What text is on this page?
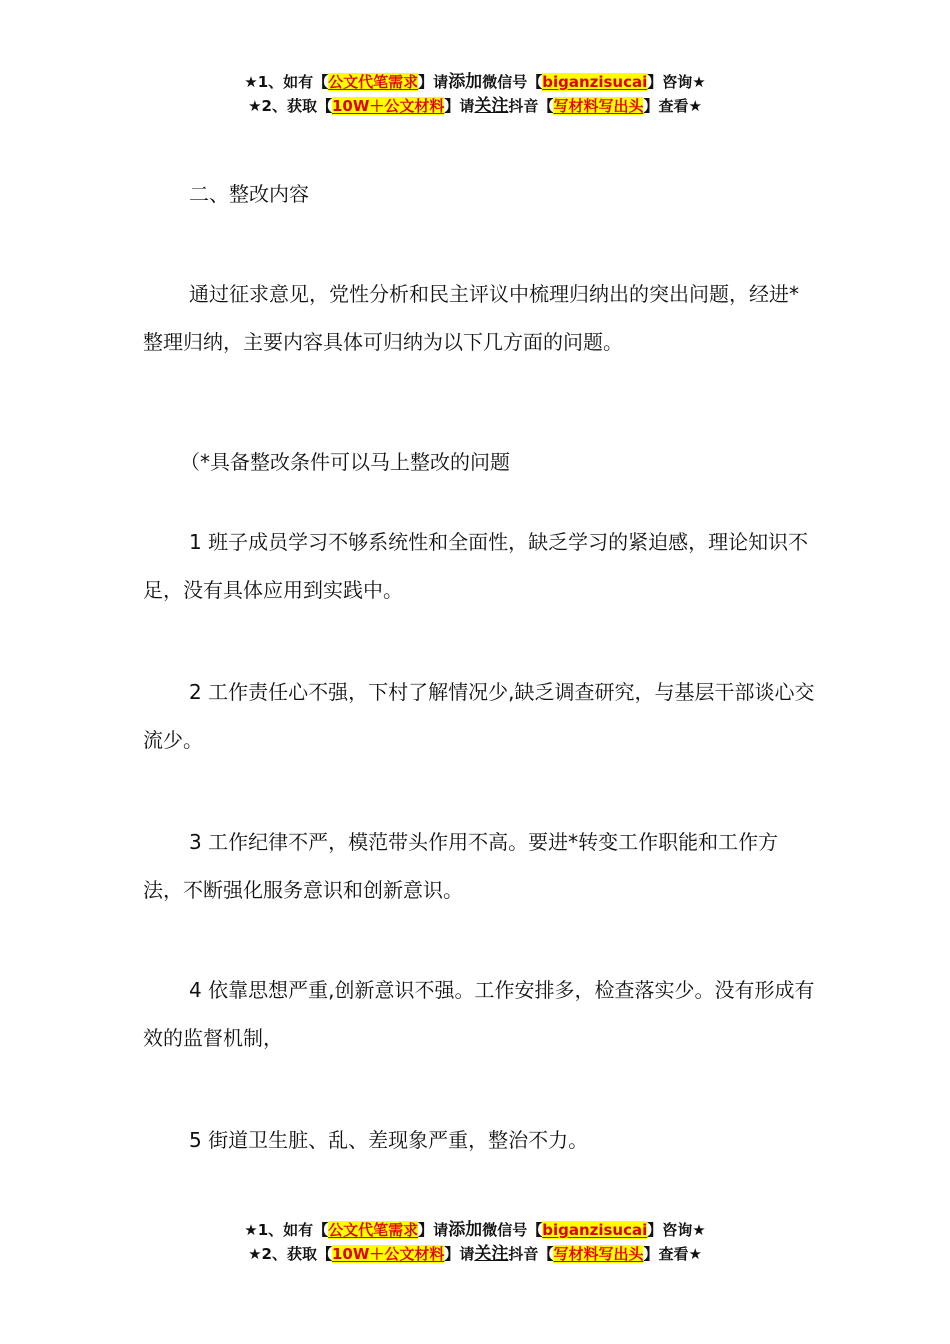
★1、如有【公文代笔需求】请添加微信号【biganzisucai】咨询★
★2、获取【10W＋公文材料】请关注抖音【写材料写出头】查看★

二、整改内容

通过征求意见，党性分析和民主评议中梳理归纳出的突出问题，经进*整理归纳，主要内容具体可归纳为以下几方面的问题。

（*具备整改条件可以马上整改的问题

1 班子成员学习不够系统性和全面性，缺乏学习的紧迫感，理论知识不足，没有具体应用到实践中。

2 工作责任心不强，下村了解情况少,缺乏调查研究，与基层干部谈心交流少。

3 工作纪律不严，模范带头作用不高。要进*转变工作职能和工作方法，不断强化服务意识和创新意识。

4 依靠思想严重,创新意识不强。工作安排多，检查落实少。没有形成有效的监督机制，

5 街道卫生脏、乱、差现象严重，整治不力。

★1、如有【公文代笔需求】请添加微信号【biganzisucai】咨询★
★2、获取【10W＋公文材料】请关注抖音【写材料写出头】查看★
